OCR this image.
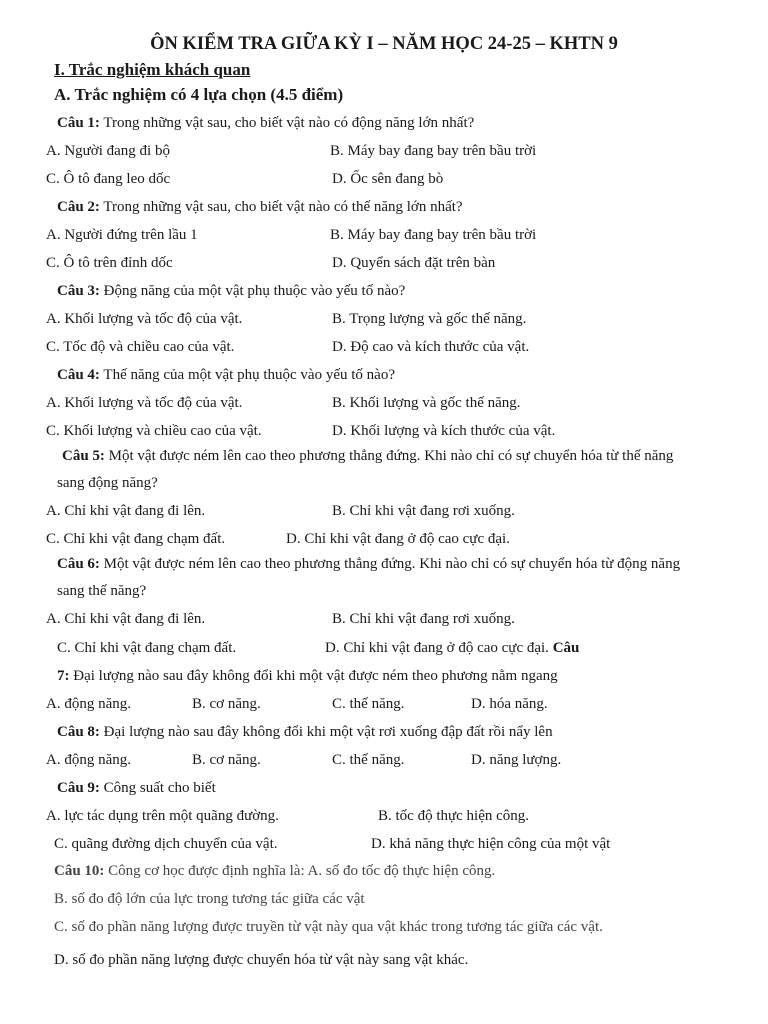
ÔN KIỂM TRA GIỮA KỲ I – NĂM HỌC 24-25 – KHTN 9
I. Trắc nghiệm khách quan
A. Trắc nghiệm có 4 lựa chọn (4.5 điểm)
Câu 1: Trong những vật sau, cho biết vật nào có động năng lớn nhất?
A. Người đang đi bộ	B. Máy bay đang bay trên bầu trời
C. Ô tô đang leo dốc	D. Ốc sên đang bò
Câu 2: Trong những vật sau, cho biết vật nào có thế năng lớn nhất?
A. Người đứng trên lầu 1	B. Máy bay đang bay trên bầu trời
C. Ô tô trên đỉnh dốc	D. Quyển sách đặt trên bàn
Câu 3: Động năng của một vật phụ thuộc vào yếu tố nào?
A. Khối lượng và tốc độ của vật.	B. Trọng lượng và gốc thế năng.
C. Tốc độ và chiều cao của vật.	D. Độ cao và kích thước của vật.
Câu 4: Thế năng của một vật phụ thuộc vào yếu tố nào?
A. Khối lượng và tốc độ của vật.	B. Khối lượng và gốc thế năng.
C. Khối lượng và chiều cao của vật.	D. Khối lượng và kích thước của vật.
Câu 5: Một vật được ném lên cao theo phương thẳng đứng. Khi nào chỉ có sự chuyển hóa từ thế năng
sang động năng?
A. Chỉ khi vật đang đi lên.	B. Chỉ khi vật đang rơi xuống.
C. Chỉ khi vật đang chạm đất.	D. Chỉ khi vật đang ở độ cao cực đại.
Câu 6: Một vật được ném lên cao theo phương thẳng đứng. Khi nào chỉ có sự chuyển hóa từ động năng
sang thế năng?
A. Chỉ khi vật đang đi lên.	B. Chỉ khi vật đang rơi xuống.
C. Chỉ khi vật đang chạm đất.	D. Chỉ khi vật đang ở độ cao cực đại. Câu
7: Đại lượng nào sau đây không đổi khi một vật được ném theo phương nằm ngang
A. động năng.	B. cơ năng.	C. thế năng.	D. hóa năng.
Câu 8: Đại lượng nào sau đây không đổi khi một vật rơi xuống đập đất rồi nẩy lên
A. động năng.	B. cơ năng.	C. thế năng.	D. năng lượng.
Câu 9: Công suất cho biết
A. lực tác dụng trên một quãng đường.	B. tốc độ thực hiện công.
C. quãng đường dịch chuyển của vật.	D. khả năng thực hiện công của một vật
Câu 10: Công cơ học được định nghĩa là: A. số đo tốc độ thực hiện công.
B. số đo độ lớn của lực trong tương tác giữa các vật
C. số đo phần năng lượng được truyền từ vật này qua vật khác trong tương tác giữa các vật.
D. số đo phần năng lượng được chuyển hóa từ vật này sang vật khác.
